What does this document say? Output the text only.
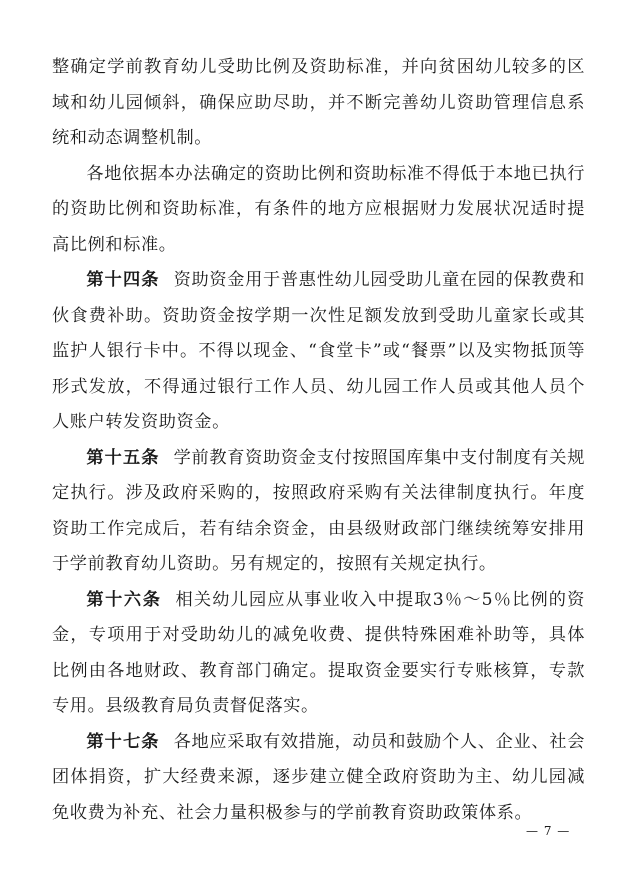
整确定学前教育幼儿受助比例及资助标准，并向贫困幼儿较多的区域和幼儿园倾斜，确保应助尽助，并不断完善幼儿资助管理信息系统和动态调整机制。

各地依据本办法确定的资助比例和资助标准不得低于本地已执行的资助比例和资助标准，有条件的地方应根据财力发展状况适时提高比例和标准。

第十四条 资助资金用于普惠性幼儿园受助儿童在园的保教费和伙食费补助。资助资金按学期一次性足额发放到受助儿童家长或其监护人银行卡中。不得以现金、“食堂卡”或“餐票”以及实物抵顶等形式发放，不得通过银行工作人员、幼儿园工作人员或其他人员个人账户转发资助资金。

第十五条 学前教育资助资金支付按照国库集中支付制度有关规定执行。涉及政府采购的，按照政府采购有关法律制度执行。年度资助工作完成后，若有结余资金，由县级财政部门继续统筹安排用于学前教育幼儿资助。另有规定的，按照有关规定执行。

第十六条 相关幼儿园应从事业收入中提取3％～5％比例的资金，专项用于对受助幼儿的减免收费、提供特殊困难补助等，具体比例由各地财政、教育部门确定。提取资金要实行专账核算，专款专用。县级教育局负责督促落实。

第十七条 各地应采取有效措施，动员和鼓励个人、企业、社会团体捐资，扩大经费来源，逐步建立健全政府资助为主、幼儿园减免收费为补充、社会力量积极参与的学前教育资助政策体系。

— 7 —
